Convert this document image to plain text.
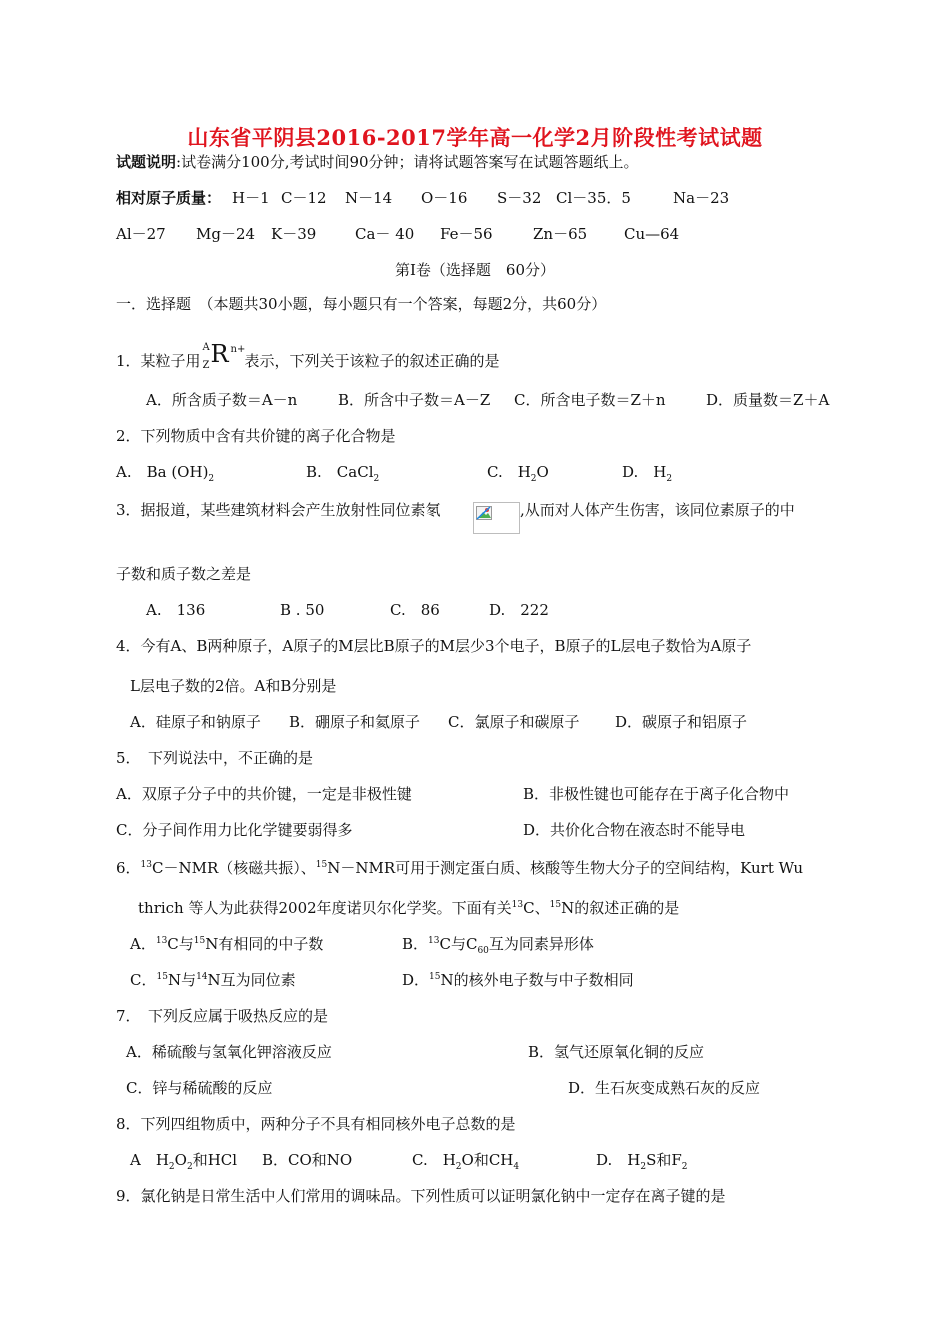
山东省平阴县2016-2017学年高一化学2月阶段性考试试题
试题说明:试卷满分100分,考试时间90分钟；请将试题答案写在试题答题纸上。
相对原子质量： H－1 C－12 N－14 O－16 S－32 Cl－35．5	Na－23
Al－27 Mg－24 K－39	Ca－ 40 Fe－56	Zn－65 Cu—64
第Ⅰ卷（选择题　60分）
一．选择题　（本题共30小题，每小题只有一个答案，每题2分，共60分）
1．某粒子用
A
Z R n+
表示，下列关于该粒子的叙述正确的是
A．所含质子数＝A－n	B．所含中子数＝A－Z C．所含电子数＝Z＋n	D．质量数＝Z＋A
2．下列物质中含有共价键的离子化合物是
A.　Ba $(OH)_2$	B.　CaCl$_2$	C.　$H_2O$	D.　$H_2$
3．据报道，某些建筑材料会产生放射性同位素氡	,从而对人体产生伤害，该同位素原子的中
子数和质子数之差是
A.　136	B . 50	C.　86	D.　222
4．今有A、B两种原子，A原子的M层比B原子的M层少3个电子，B原子的L层电子数恰为A原子
L层电子数的2倍。A和B分别是
A．硅原子和钠原子 B．硼原子和氦原子 C．氯原子和碳原子 D．碳原子和铝原子
5．　下列说法中，不正确的是
A．双原子分子中的共价键，一定是非极性键	B．非极性键也可能存在于离子化合物中
C．分子间作用力比化学键要弱得多	D．共价化合物在液态时不能导电
6．$^{13}$C－NMR（核磁共振）、$^{15}$N－NMR可用于测定蛋白质、核酸等生物大分子的空间结构，Kurt Wu
thrich 等人为此获得2002年度诺贝尔化学奖。下面有关$^{13}$C、$^{15}$N的叙述正确的是
A．$^{13}$C与$^{15}$N有相同的中子数	B．$^{13}$C与$C_{60}$互为同素异形体
C．$^{15}$N与$^{14}$N互为同位素	D．$^{15}$N的核外电子数与中子数相同
7．　下列反应属于吸热反应的是
A．稀硫酸与氢氧化钾溶液反应	B．氢气还原氧化铜的反应
C．锌与稀硫酸的反应	D．生石灰变成熟石灰的反应
8．下列四组物质中，两种分子不具有相同核外电子总数的是
A　$H_2O_2$和HCl B．CO和NO	C.　$H_2O$和$CH_4$	D.　$H_2S$和$F_2$
9．氯化钠是日常生活中人们常用的调味品。下列性质可以证明氯化钠中一定存在离子键的是
